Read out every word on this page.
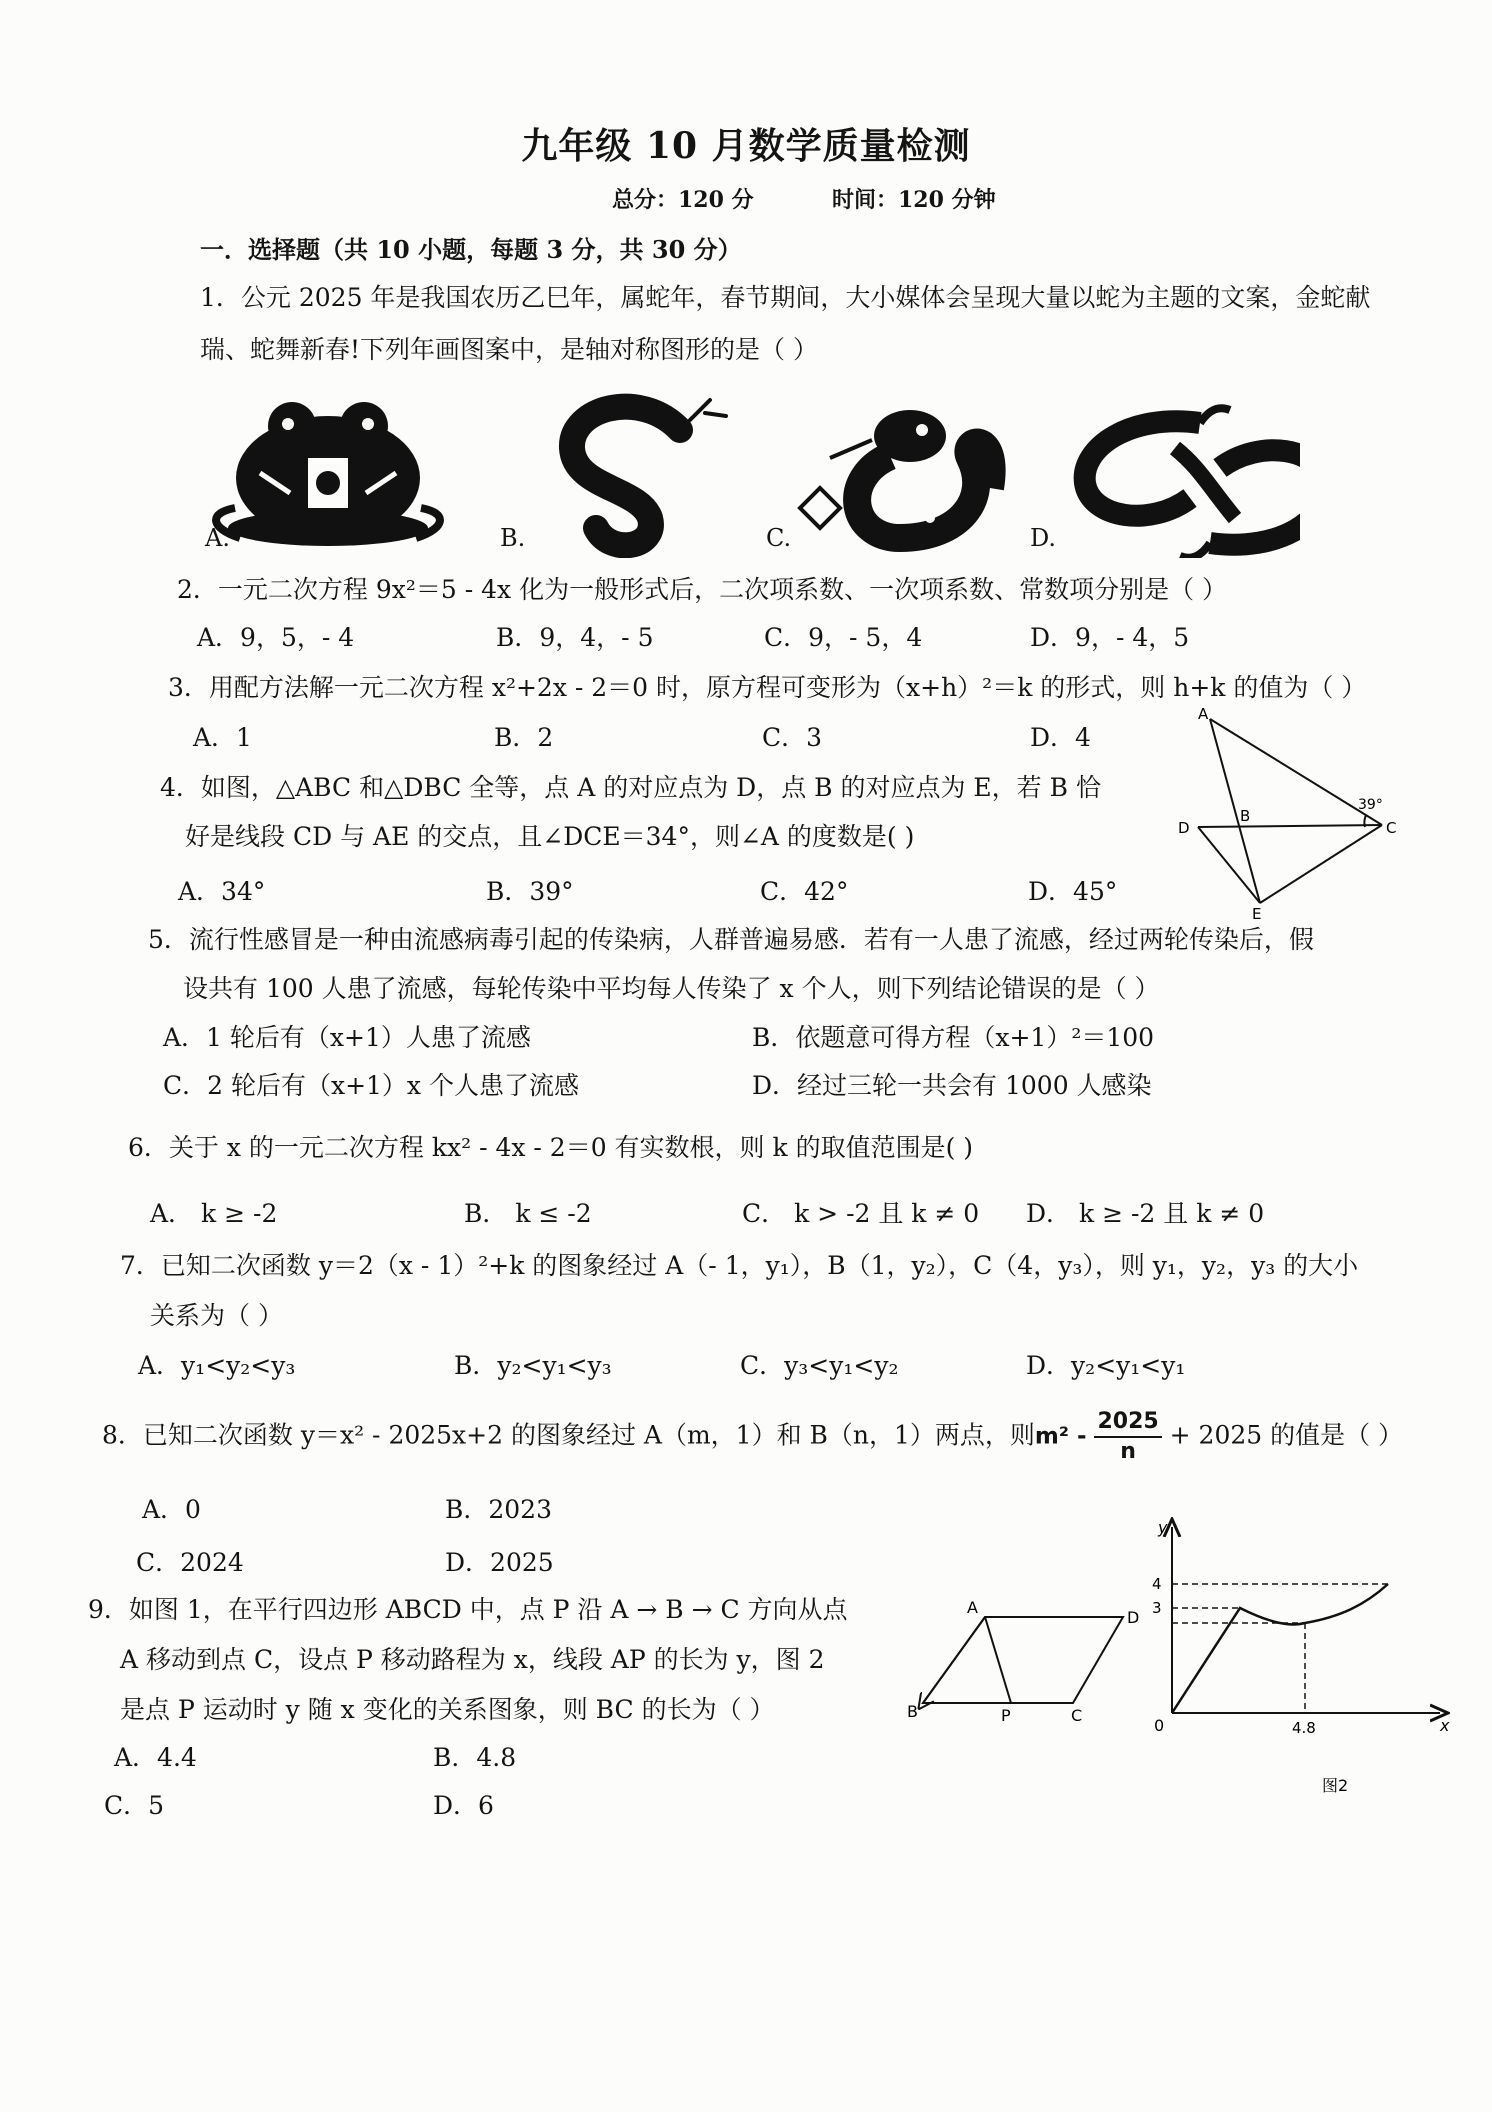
九年级 10 月数学质量检测
总分：120 分	时间：120 分钟
一．选择题（共 10 小题，每题 3 分，共 30 分）
1．公元 2025 年是我国农历乙巳年，属蛇年，春节期间，大小媒体会呈现大量以蛇为主题的文案，金蛇献
瑞、蛇舞新春!下列年画图案中，是轴对称图形的是（ ）
A.	B.	C.	D.
2．一元二次方程 9x²＝5 - 4x 化为一般形式后，二次项系数、一次项系数、常数项分别是（ ）
A．9，5，- 4	B．9，4，- 5	C．9，- 5，4	D．9，- 4，5
3．用配方法解一元二次方程 x²+2x - 2＝0 时，原方程可变形为（x+h）²＝k 的形式，则 h+k 的值为（ ）
A．1	B．2	C．3	D．4
4．如图，△ABC 和△DBC 全等，点 A 的对应点为 D，点 B 的对应点为 E，若 B 恰
好是线段 CD 与 AE 的交点，且∠DCE＝34°，则∠A 的度数是( )
A．34°	B．39°	C．42°	D．45°
A
D
B
C
E
39°
5．流行性感冒是一种由流感病毒引起的传染病，人群普遍易感．若有一人患了流感，经过两轮传染后，假
设共有 100 人患了流感，每轮传染中平均每人传染了 x 个人，则下列结论错误的是（ ）
A．1 轮后有（x+1）人患了流感	B．依题意可得方程（x+1）²＝100
C．2 轮后有（x+1）x 个人患了流感	D．经过三轮一共会有 1000 人感染
6．关于 x 的一元二次方程 kx² - 4x - 2＝0 有实数根，则 k 的取值范围是( )
A． k ≥ -2	B． k ≤ -2	C． k > -2 且 k ≠ 0 D． k ≥ -2 且 k ≠ 0
7．已知二次函数 y＝2（x - 1）²+k 的图象经过 A（- 1，y₁），B（1，y₂），C（4，y₃），则 y₁，y₂，y₃ 的大小
关系为（ ）
A．y₁<y₂<y₃	B．y₂<y₁<y₃	C．y₃<y₁<y₂	D．y₂<y₁<y₁
8．已知二次函数 y＝x² - 2025x+2 的图象经过 A（m，1）和 B（n，1）两点，则$m^2 - \frac{2025}{n} + 2025$ 的值是（ ）
A．0	B．2023
C．2024	D．2025
9．如图 1，在平行四边形 ABCD 中，点 P 沿 A → B → C 方向从点
A 移动到点 C，设点 P 移动路程为 x，线段 AP 的长为 y，图 2
是点 P 运动时 y 随 x 变化的关系图象，则 BC 的长为（ ）
A．4.4	B．4.8
C．5	D．6
A
D
B	P	C
y
x
0
4
3
4.8
图2
